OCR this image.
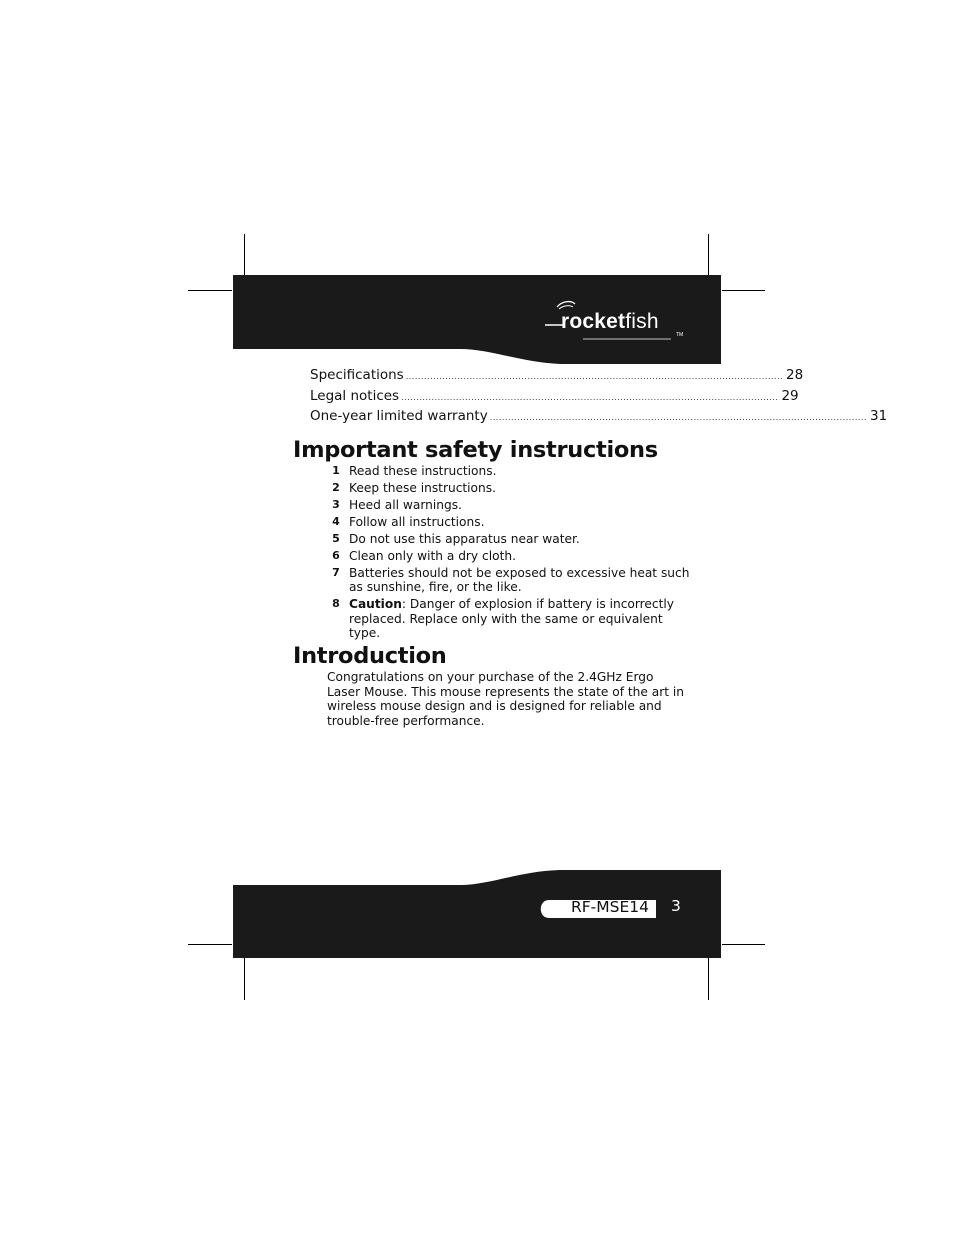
rocketfish
TM
Specifications ............................................................................................................................ 28
Legal notices ............................................................................................................................ 29
One-year limited warranty ............................................................................................................................ 31
Important safety instructions
1 Read these instructions.
2 Keep these instructions.
3 Heed all warnings.
4 Follow all instructions.
5 Do not use this apparatus near water.
6 Clean only with a dry cloth.
7 Batteries should not be exposed to excessive heat such as sunshine, fire, or the like.
8 Caution: Danger of explosion if battery is incorrectly replaced. Replace only with the same or equivalent type.
Introduction
Congratulations on your purchase of the 2.4GHz Ergo Laser Mouse. This mouse represents the state of the art in wireless mouse design and is designed for reliable and trouble-free performance.
RF-MSE14 3
